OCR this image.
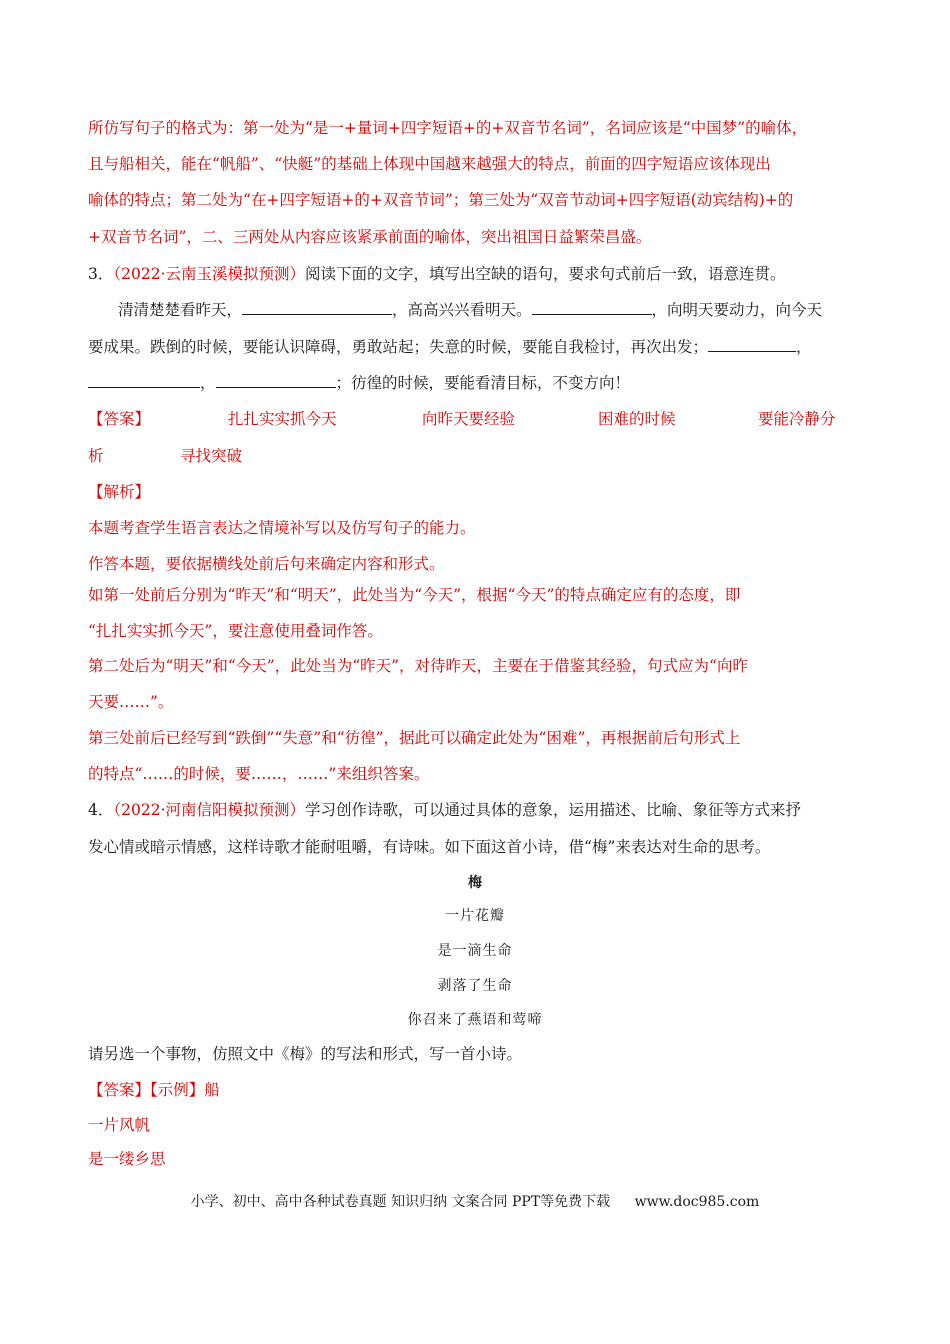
所仿写句子的格式为：第一处为“是一+量词+四字短语+的+双音节名词”，名词应该是“中国梦”的喻体，
且与船相关，能在“帆船”、“快艇”的基础上体现中国越来越强大的特点，前面的四字短语应该体现出
喻体的特点；第二处为“在+四字短语+的+双音节词”；第三处为“双音节动词+四字短语(动宾结构)+的
+双音节名词”，二、三两处从内容应该紧承前面的喻体，突出祖国日益繁荣昌盛。
3．（2022·云南玉溪模拟预测）阅读下面的文字，填写出空缺的语句，要求句式前后一致，语意连贯。
清清楚楚看昨天，	，高高兴兴看明天。	，向明天要动力，向今天
要成果。跌倒的时候，要能认识障碍，勇敢站起；失意的时候，要能自我检讨，再次出发；	，
，	；彷徨的时候，要能看清目标，不变方向！
【答案】	扎扎实实抓今天	向昨天要经验	困难的时候	要能冷静分
析	寻找突破
【解析】
本题考查学生语言表达之情境补写以及仿写句子的能力。
作答本题，要依据横线处前后句来确定内容和形式。
如第一处前后分别为“昨天”和“明天”，此处当为“今天”，根据“今天”的特点确定应有的态度，即
“扎扎实实抓今天”，要注意使用叠词作答。
第二处后为“明天”和“今天”，此处当为“昨天”，对待昨天，主要在于借鉴其经验，句式应为“向昨
天要……”。
第三处前后已经写到“跌倒”“失意”和“彷徨”，据此可以确定此处为“困难”，再根据前后句形式上
的特点“……的时候，要……，……”来组织答案。
4．（2022·河南信阳模拟预测）学习创作诗歌，可以通过具体的意象，运用描述、比喻、象征等方式来抒
发心情或暗示情感，这样诗歌才能耐咀嚼，有诗味。如下面这首小诗，借“梅”来表达对生命的思考。
梅
一片花瓣
是一滴生命
剥落了生命
你召来了燕语和莺啼
请另选一个事物，仿照文中《梅》的写法和形式，写一首小诗。
【答案】【示例】船
一片风帆
是一缕乡思
小学、初中、高中各种试卷真题 知识归纳 文案合同 PPT等免费下载 www.doc985.com
